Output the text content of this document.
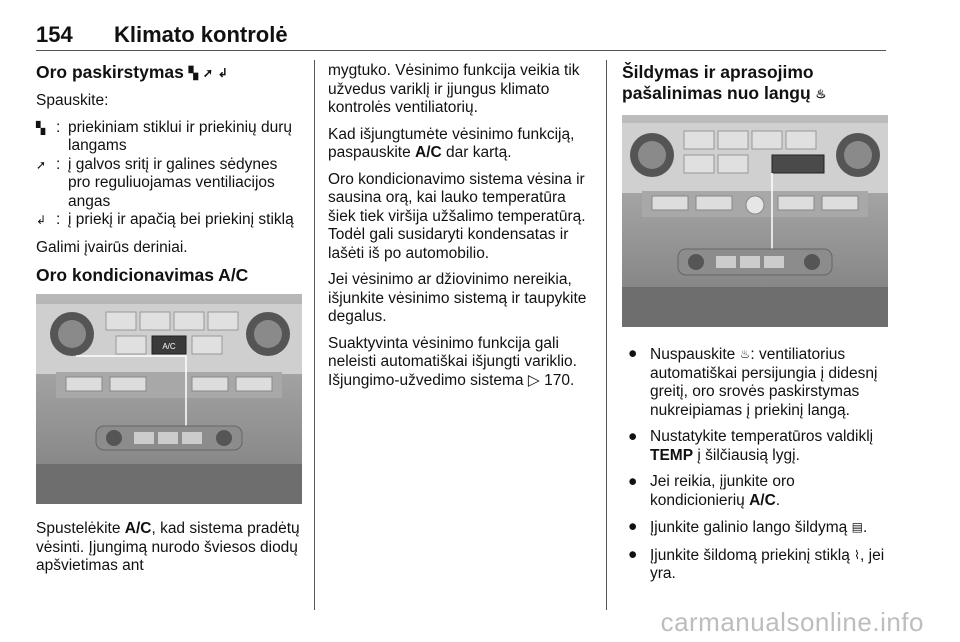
154 Klimato kontrolė
Oro paskirstymas ▚ ➚ ↲

Spauskite:

▚ : priekiniam stiklui ir priekinių durų langams
➚ : į galvos sritį ir galines sėdynes pro reguliuojamas ventiliacijos angas
↲ : į priekį ir apačią bei priekinį stiklą

Galimi įvairūs deriniai.

Oro kondicionavimas A/C
A/C

Spustelėkite A/C, kad sistema pradėtų vėsinti. Įjungimą nurodo šviesos diodų apšvietimas ant

mygtuko. Vėsinimo funkcija veikia tik užvedus variklį ir įjungus klimato kontrolės ventiliatorių.

Kad išjungtumėte vėsinimo funkciją, paspauskite A/C dar kartą.

Oro kondicionavimo sistema vėsina ir sausina orą, kai lauko temperatūra šiek tiek viršija užšalimo temperatūrą. Todėl gali susidaryti kondensatas ir lašėti iš po automobilio.

Jei vėsinimo ar džiovinimo nereikia, išjunkite vėsinimo sistemą ir taupykite degalus.

Suaktyvinta vėsinimo funkcija gali neleisti automatiškai išjungti variklio. Išjungimo-užvedimo sistema ▷ 170.

Šildymas ir aprasojimo pašalinimas nuo langų ♨
● Nuspauskite ♨: ventiliatorius automatiškai persijungia į didesnį greitį, oro srovės paskirstymas nukreipiamas į priekinį langą.
● Nustatykite temperatūros valdiklį TEMP į šilčiausią lygį.
● Jei reikia, įjunkite oro kondicionierių A/C.
● Įjunkite galinio lango šildymą ▤.
● Įjunkite šildomą priekinį stiklą ⌇, jei yra.
carmanualsonline.info
